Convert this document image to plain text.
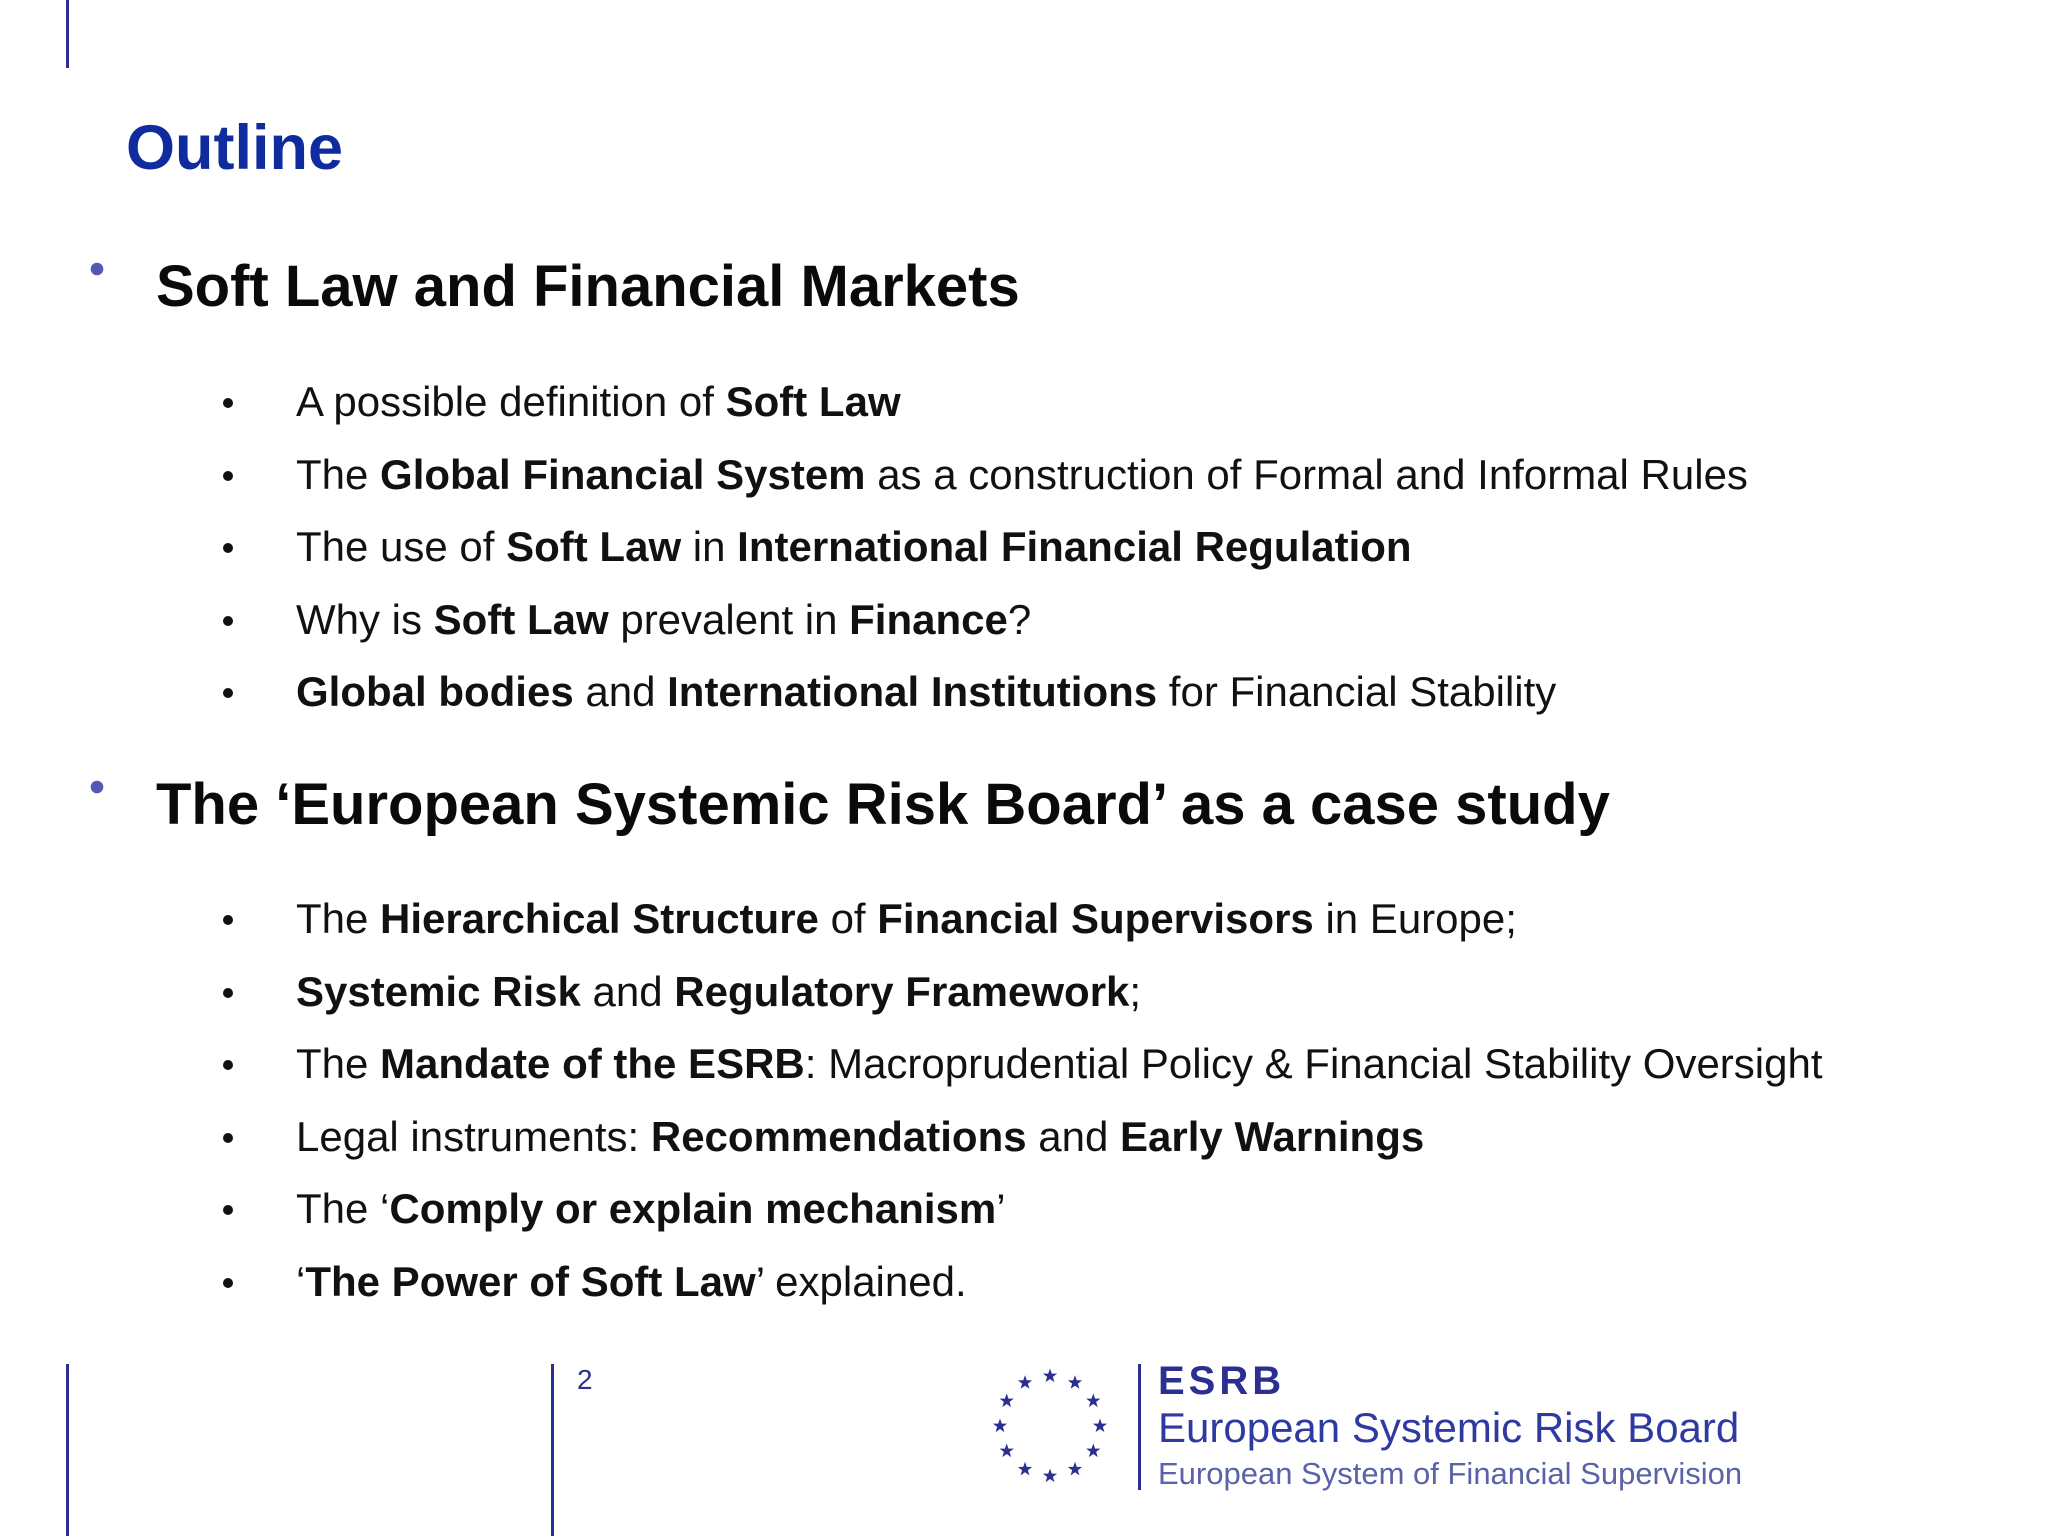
Outline
Soft Law and Financial Markets
A possible definition of Soft Law
The Global Financial System as a construction of Formal and Informal Rules
The use of Soft Law in International Financial Regulation
Why is Soft Law prevalent in Finance?
Global bodies and International Institutions for Financial Stability
The ‘European Systemic Risk Board’ as a case study
The Hierarchical Structure of Financial Supervisors in Europe;
Systemic Risk and Regulatory Framework;
The Mandate of the ESRB: Macroprudential Policy & Financial Stability Oversight
Legal instruments: Recommendations and Early Warnings
The ‘Comply or explain mechanism’
‘The Power of Soft Law’ explained.
2	ESRB
European Systemic Risk Board
European System of Financial Supervision
